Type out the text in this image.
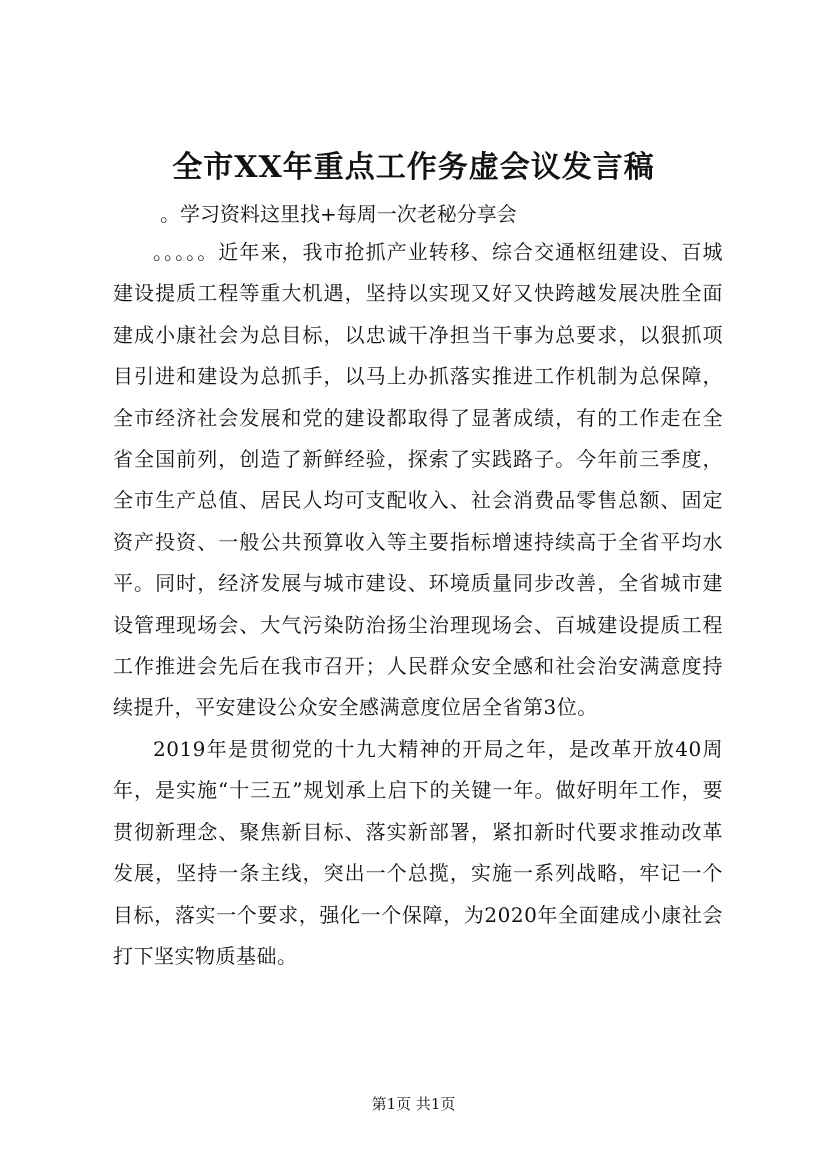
全市XX年重点工作务虚会议发言稿

。学习资料这里找+每周一次老秘分享会

。。。。。近年来，我市抢抓产业转移、综合交通枢纽建设、百城建设提质工程等重大机遇，坚持以实现又好又快跨越发展决胜全面建成小康社会为总目标，以忠诚干净担当干事为总要求，以狠抓项目引进和建设为总抓手，以马上办抓落实推进工作机制为总保障，全市经济社会发展和党的建设都取得了显著成绩，有的工作走在全省全国前列，创造了新鲜经验，探索了实践路子。今年前三季度，全市生产总值、居民人均可支配收入、社会消费品零售总额、固定资产投资、一般公共预算收入等主要指标增速持续高于全省平均水平。同时，经济发展与城市建设、环境质量同步改善，全省城市建设管理现场会、大气污染防治扬尘治理现场会、百城建设提质工程工作推进会先后在我市召开；人民群众安全感和社会治安满意度持续提升，平安建设公众安全感满意度位居全省第3位。

2019年是贯彻党的十九大精神的开局之年，是改革开放40周年，是实施“十三五”规划承上启下的关键一年。做好明年工作，要贯彻新理念、聚焦新目标、落实新部署，紧扣新时代要求推动改革发展，坚持一条主线，突出一个总揽，实施一系列战略，牢记一个目标，落实一个要求，强化一个保障，为2020年全面建成小康社会打下坚实物质基础。

第1页 共1页
